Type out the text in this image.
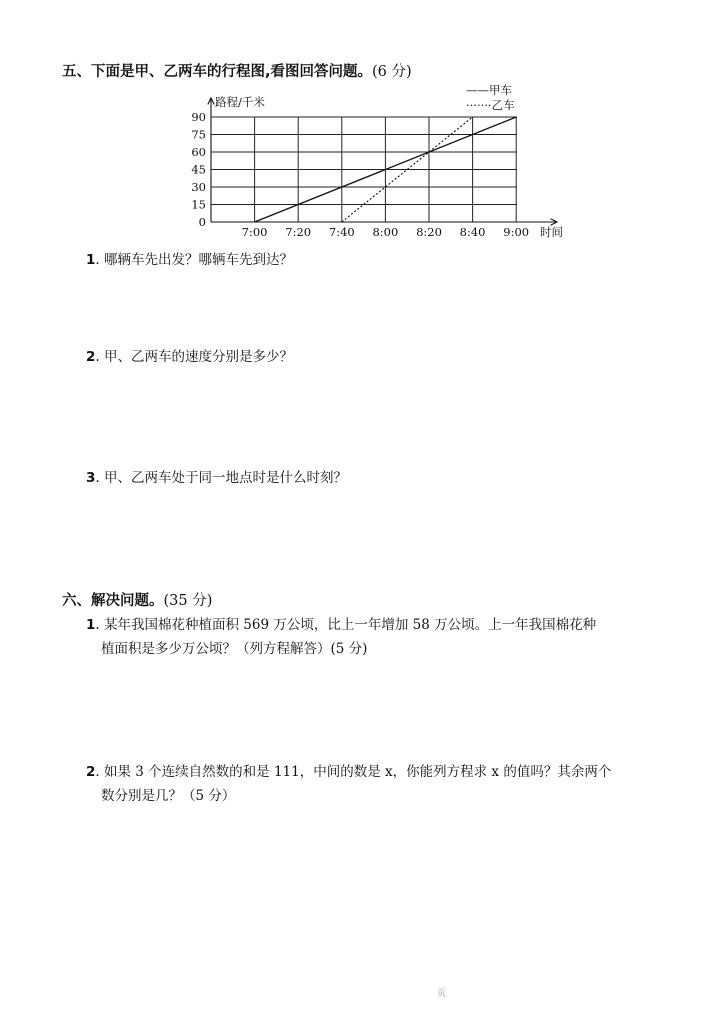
五、下面是甲、乙两车的行程图,看图回答问题。(6 分)
0
15
30
45
60
75
90
7:00 7:20 7:40 8:00 8:20 8:40 9:00
路程/千米
时间
——甲车
·······乙车
1. 哪辆车先出发？哪辆车先到达？
2. 甲、乙两车的速度分别是多少？
3. 甲、乙两车处于同一地点时是什么时刻？
六、解决问题。(35 分)
1. 某年我国棉花种植面积 569 万公顷，比上一年增加 58 万公顷。上一年我国棉花种
植面积是多少万公顷？（列方程解答）(5 分)
2. 如果 3 个连续自然数的和是 111，中间的数是 x，你能列方程求 x 的值吗？其余两个
数分别是几？（5 分）
页
